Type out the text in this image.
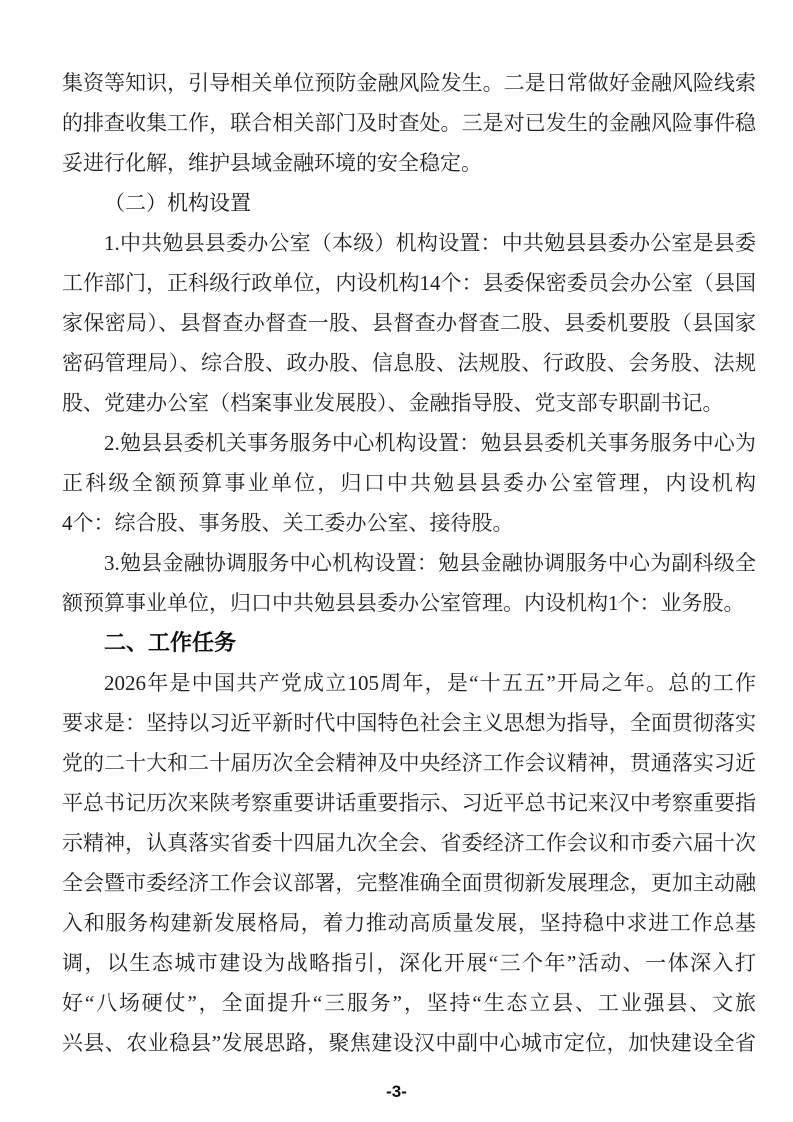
集资等知识，引导相关单位预防金融风险发生。二是日常做好金融风险线索
的排查收集工作，联合相关部门及时查处。三是对已发生的金融风险事件稳
妥进行化解，维护县域金融环境的安全稳定。
（二）机构设置
1.中共勉县县委办公室（本级）机构设置：中共勉县县委办公室是县委
工作部门，正科级行政单位，内设机构14个：县委保密委员会办公室（县国
家保密局）、县督查办督查一股、县督查办督查二股、县委机要股（县国家
密码管理局）、综合股、政办股、信息股、法规股、行政股、会务股、法规
股、党建办公室（档案事业发展股）、金融指导股、党支部专职副书记。
2.勉县县委机关事务服务中心机构设置：勉县县委机关事务服务中心为
正科级全额预算事业单位，归口中共勉县县委办公室管理，内设机构
4个：综合股、事务股、关工委办公室、接待股。
3.勉县金融协调服务中心机构设置：勉县金融协调服务中心为副科级全
额预算事业单位，归口中共勉县县委办公室管理。内设机构1个：业务股。
二、工作任务
2026年是中国共产党成立105周年，是“十五五”开局之年。总的工作
要求是：坚持以习近平新时代中国特色社会主义思想为指导，全面贯彻落实
党的二十大和二十届历次全会精神及中央经济工作会议精神，贯通落实习近
平总书记历次来陕考察重要讲话重要指示、习近平总书记来汉中考察重要指
示精神，认真落实省委十四届九次全会、省委经济工作会议和市委六届十次
全会暨市委经济工作会议部署，完整准确全面贯彻新发展理念，更加主动融
入和服务构建新发展格局，着力推动高质量发展，坚持稳中求进工作总基
调，以生态城市建设为战略指引，深化开展“三个年”活动、一体深入打
好“八场硬仗”，全面提升“三服务”，坚持“生态立县、工业强县、文旅
兴县、农业稳县”发展思路，聚焦建设汉中副中心城市定位，加快建设全省
-3-
